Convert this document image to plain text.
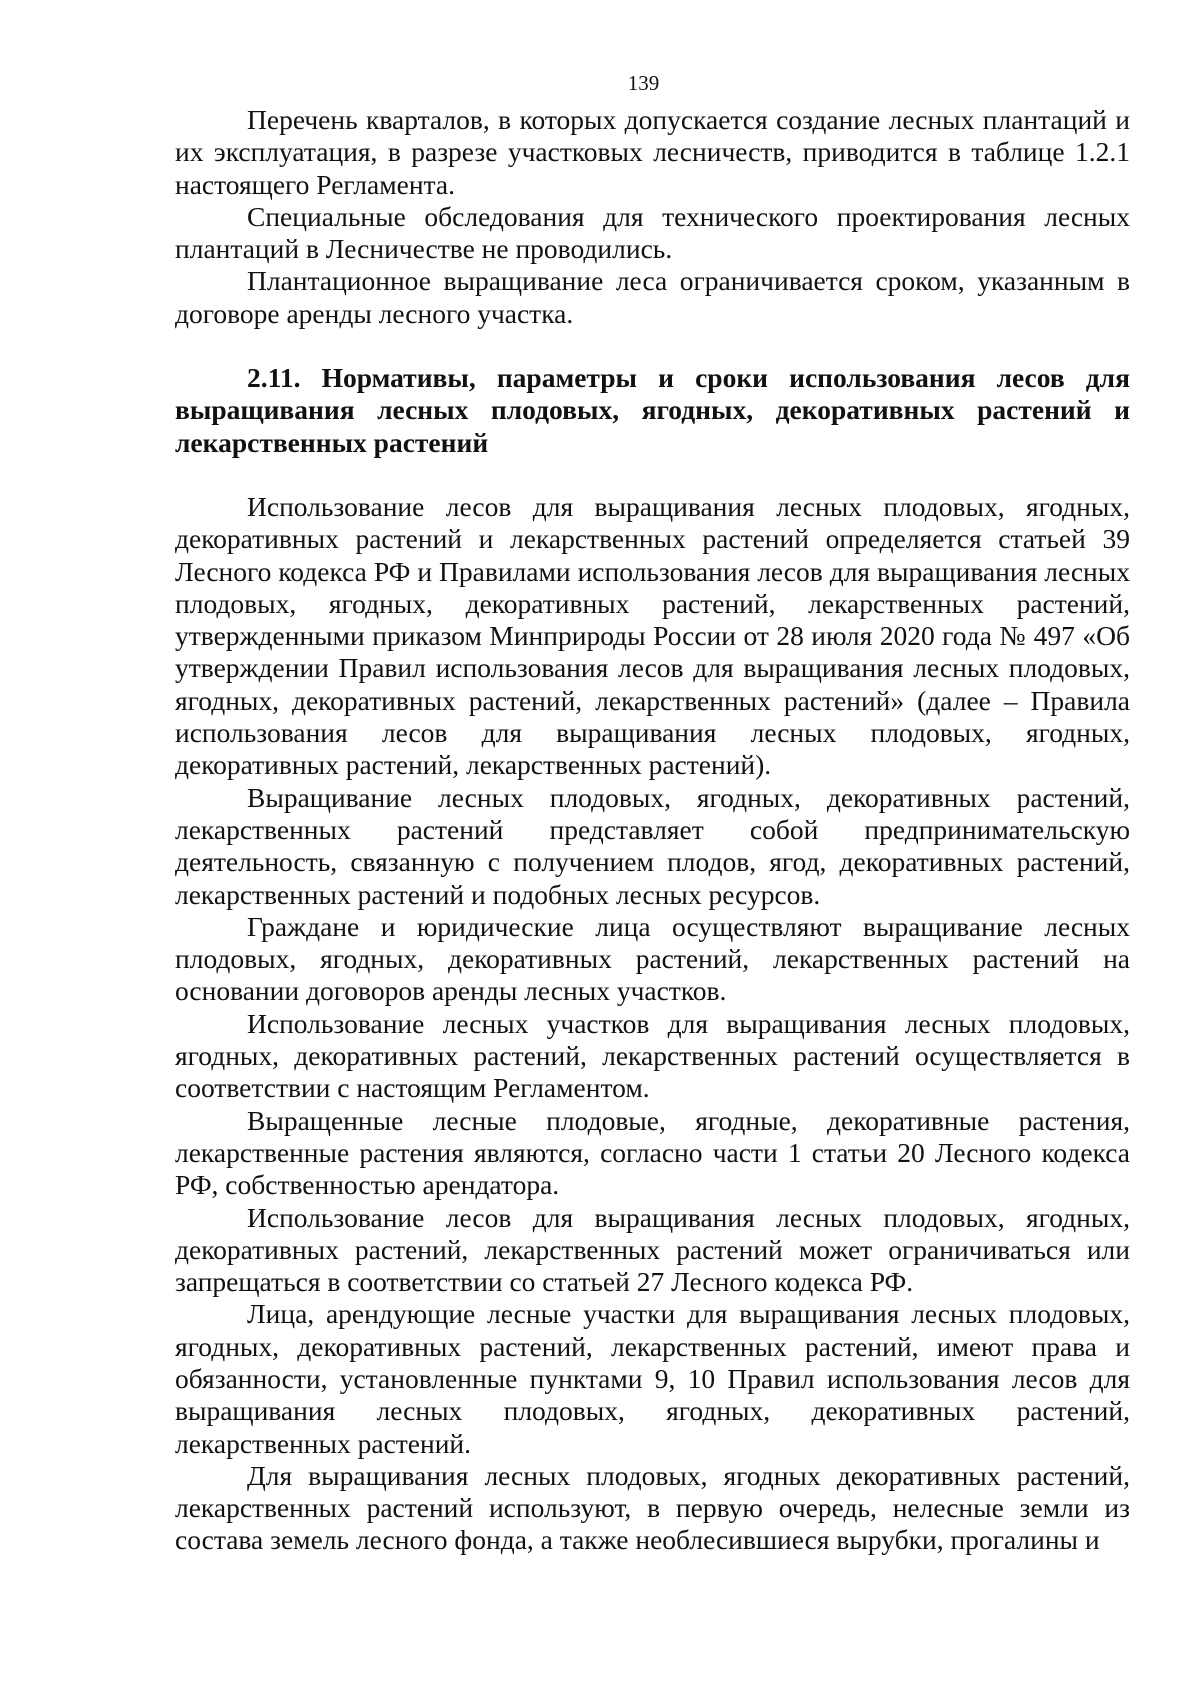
139

Перечень кварталов, в которых допускается создание лесных плантаций и их эксплуатация, в разрезе участковых лесничеств, приводится в таблице 1.2.1 настоящего Регламента.

Специальные обследования для технического проектирования лесных плантаций в Лесничестве не проводились.

Плантационное выращивание леса ограничивается сроком, указанным в договоре аренды лесного участка.

2.11. Нормативы, параметры и сроки использования лесов для выращивания лесных плодовых, ягодных, декоративных растений и лекарственных растений

Использование лесов для выращивания лесных плодовых, ягодных, декоративных растений и лекарственных растений определяется статьей 39 Лесного кодекса РФ и Правилами использования лесов для выращивания лесных плодовых, ягодных, декоративных растений, лекарственных растений, утвержденными приказом Минприроды России от 28 июля 2020 года № 497 «Об утверждении Правил использования лесов для выращивания лесных плодовых, ягодных, декоративных растений, лекарственных растений» (далее – Правила использования лесов для выращивания лесных плодовых, ягодных, декоративных растений, лекарственных растений).

Выращивание лесных плодовых, ягодных, декоративных растений, лекарственных растений представляет собой предпринимательскую деятельность, связанную с получением плодов, ягод, декоративных растений, лекарственных растений и подобных лесных ресурсов.

Граждане и юридические лица осуществляют выращивание лесных плодовых, ягодных, декоративных растений, лекарственных растений на основании договоров аренды лесных участков.

Использование лесных участков для выращивания лесных плодовых, ягодных, декоративных растений, лекарственных растений осуществляется в соответствии с настоящим Регламентом.

Выращенные лесные плодовые, ягодные, декоративные растения, лекарственные растения являются, согласно части 1 статьи 20 Лесного кодекса РФ, собственностью арендатора.

Использование лесов для выращивания лесных плодовых, ягодных, декоративных растений, лекарственных растений может ограничиваться или запрещаться в соответствии со статьей 27 Лесного кодекса РФ.

Лица, арендующие лесные участки для выращивания лесных плодовых, ягодных, декоративных растений, лекарственных растений, имеют права и обязанности, установленные пунктами 9, 10 Правил использования лесов для выращивания лесных плодовых, ягодных, декоративных растений, лекарственных растений.

Для выращивания лесных плодовых, ягодных декоративных растений, лекарственных растений используют, в первую очередь, нелесные земли из состава земель лесного фонда, а также необлесившиеся вырубки, прогалины и
